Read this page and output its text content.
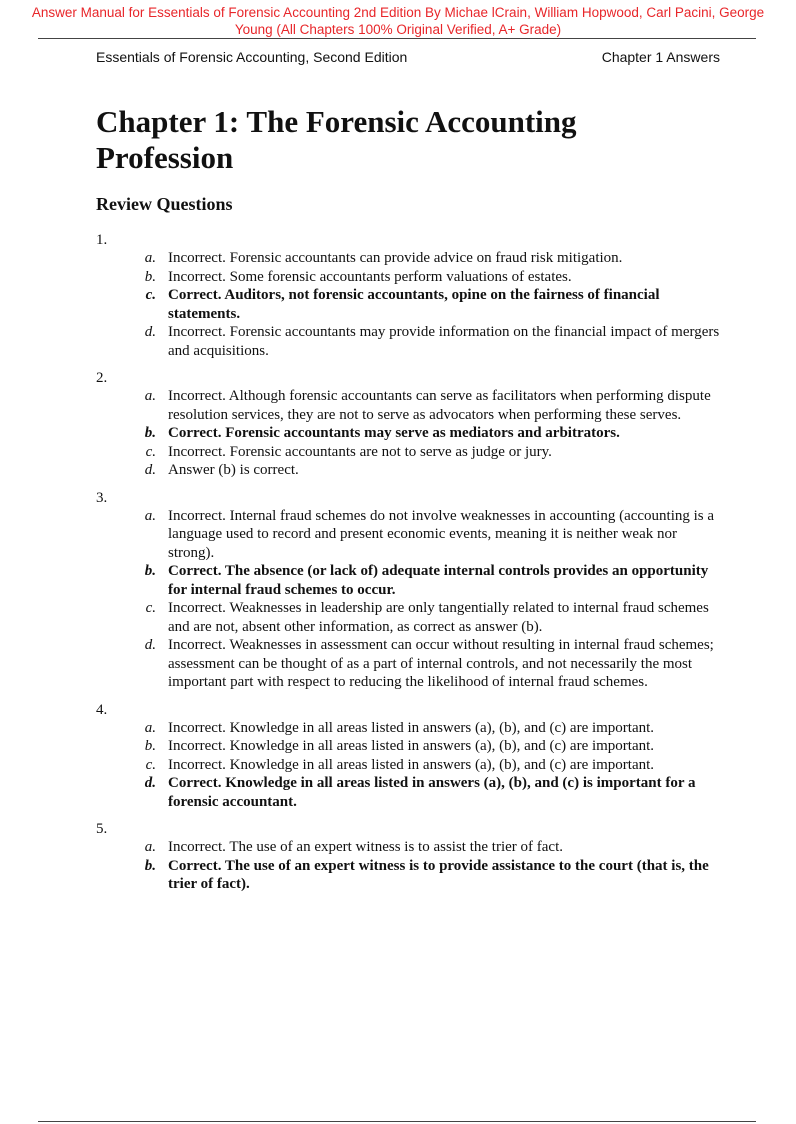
Answer Manual for Essentials of Forensic Accounting 2nd Edition By Michae lCrain, William Hopwood, Carl Pacini, George Young (All Chapters 100% Original Verified, A+ Grade)
Essentials of Forensic Accounting, Second Edition	Chapter 1 Answers
Chapter 1: The Forensic Accounting Profession
Review Questions
1.
a. Incorrect. Forensic accountants can provide advice on fraud risk mitigation.
b. Incorrect. Some forensic accountants perform valuations of estates.
c. Correct. Auditors, not forensic accountants, opine on the fairness of financial statements.
d. Incorrect. Forensic accountants may provide information on the financial impact of mergers and acquisitions.
2.
a. Incorrect. Although forensic accountants can serve as facilitators when performing dispute resolution services, they are not to serve as advocators when performing these serves.
b. Correct. Forensic accountants may serve as mediators and arbitrators.
c. Incorrect. Forensic accountants are not to serve as judge or jury.
d. Answer (b) is correct.
3.
a. Incorrect. Internal fraud schemes do not involve weaknesses in accounting (accounting is a language used to record and present economic events, meaning it is neither weak nor strong).
b. Correct. The absence (or lack of) adequate internal controls provides an opportunity for internal fraud schemes to occur.
c. Incorrect. Weaknesses in leadership are only tangentially related to internal fraud schemes and are not, absent other information, as correct as answer (b).
d. Incorrect. Weaknesses in assessment can occur without resulting in internal fraud schemes; assessment can be thought of as a part of internal controls, and not necessarily the most important part with respect to reducing the likelihood of internal fraud schemes.
4.
a. Incorrect. Knowledge in all areas listed in answers (a), (b), and (c) are important.
b. Incorrect. Knowledge in all areas listed in answers (a), (b), and (c) are important.
c. Incorrect. Knowledge in all areas listed in answers (a), (b), and (c) are important.
d. Correct. Knowledge in all areas listed in answers (a), (b), and (c) is important for a forensic accountant.
5.
a. Incorrect. The use of an expert witness is to assist the trier of fact.
b. Correct. The use of an expert witness is to provide assistance to the court (that is, the trier of fact).
